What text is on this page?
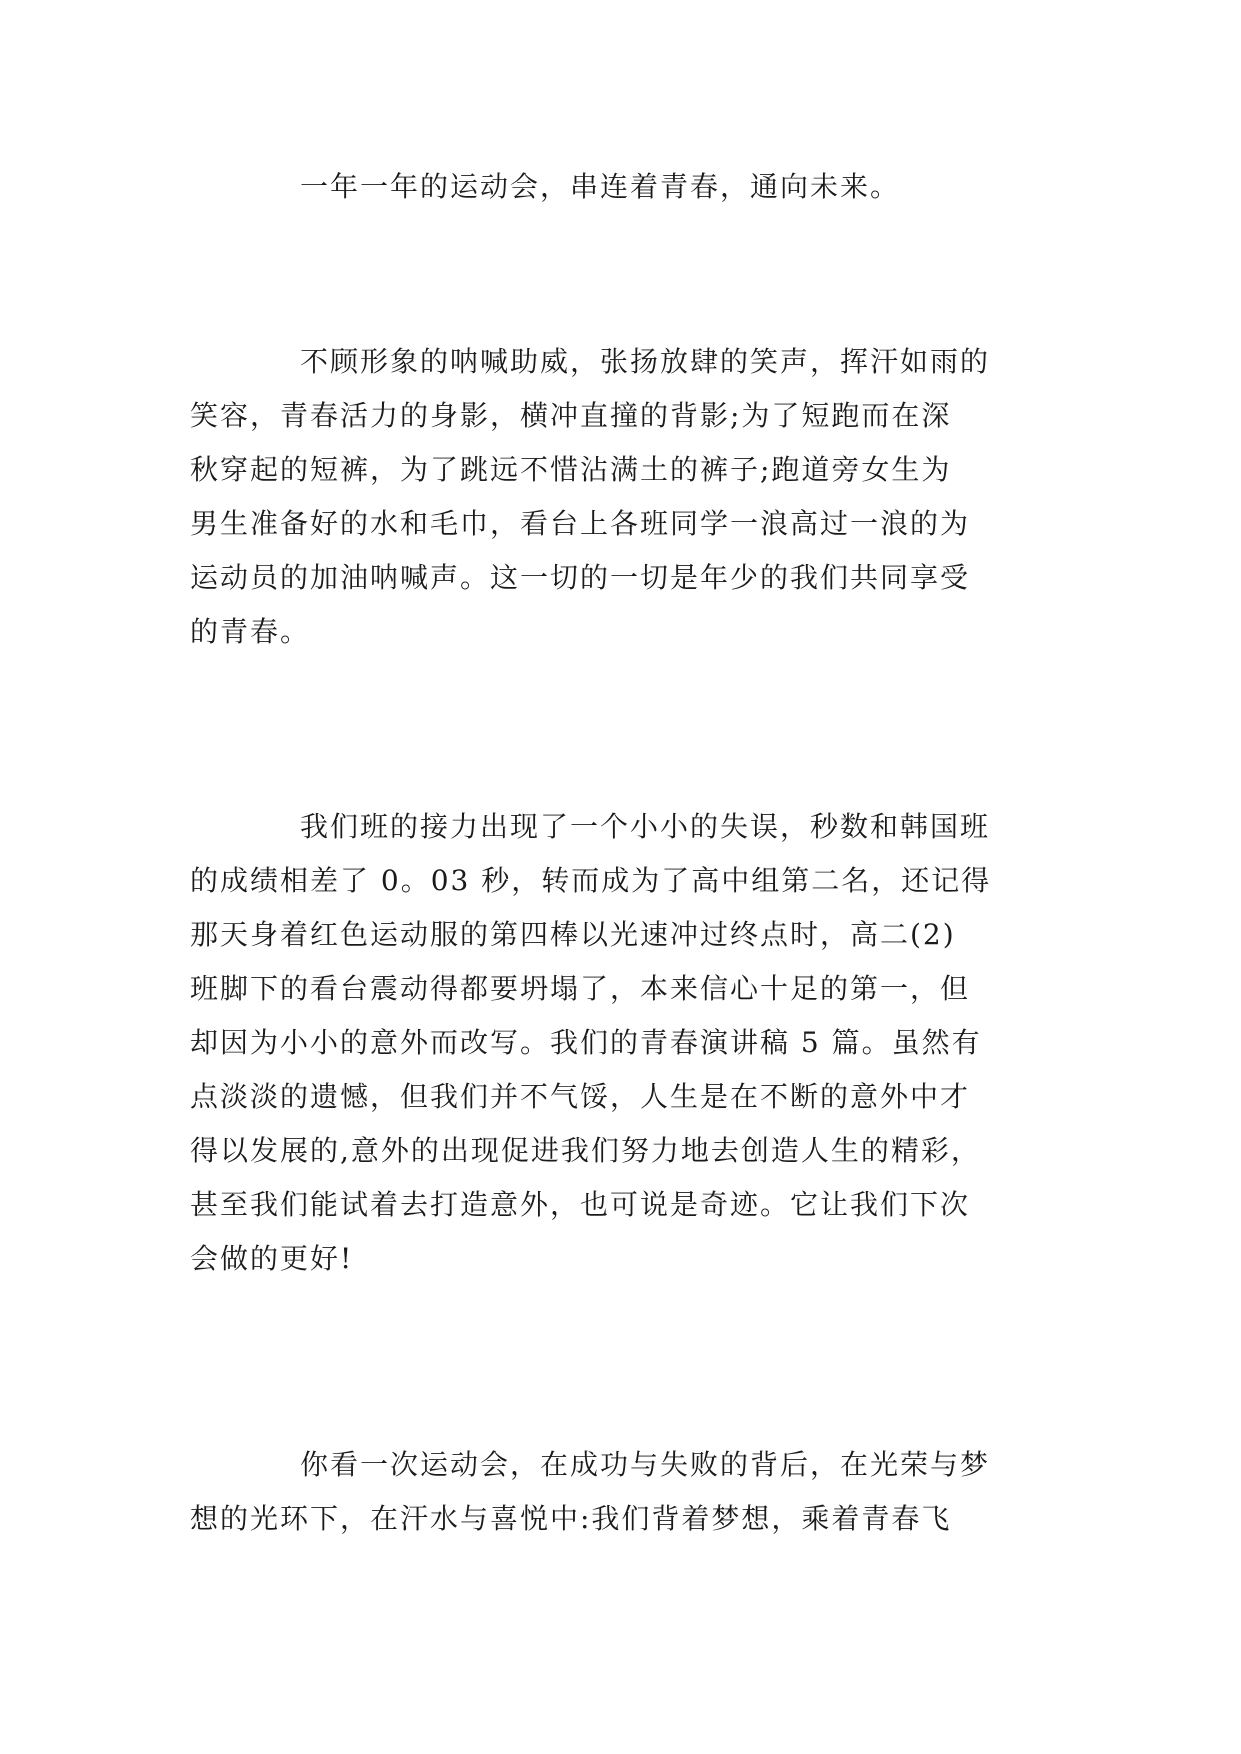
一年一年的运动会，串连着青春，通向未来。

不顾形象的呐喊助威，张扬放肆的笑声，挥汗如雨的
笑容，青春活力的身影，横冲直撞的背影;为了短跑而在深
秋穿起的短裤，为了跳远不惜沾满土的裤子;跑道旁女生为
男生准备好的水和毛巾，看台上各班同学一浪高过一浪的为
运动员的加油呐喊声。这一切的一切是年少的我们共同享受
的青春。

我们班的接力出现了一个小小的失误，秒数和韩国班
的成绩相差了 0。03 秒，转而成为了高中组第二名，还记得
那天身着红色运动服的第四棒以光速冲过终点时，高二(2)
班脚下的看台震动得都要坍塌了，本来信心十足的第一，但
却因为小小的意外而改写。我们的青春演讲稿 5 篇。虽然有
点淡淡的遗憾，但我们并不气馁，人生是在不断的意外中才
得以发展的,意外的出现促进我们努力地去创造人生的精彩，
甚至我们能试着去打造意外，也可说是奇迹。它让我们下次
会做的更好!

你看一次运动会，在成功与失败的背后，在光荣与梦
想的光环下，在汗水与喜悦中:我们背着梦想，乘着青春飞
